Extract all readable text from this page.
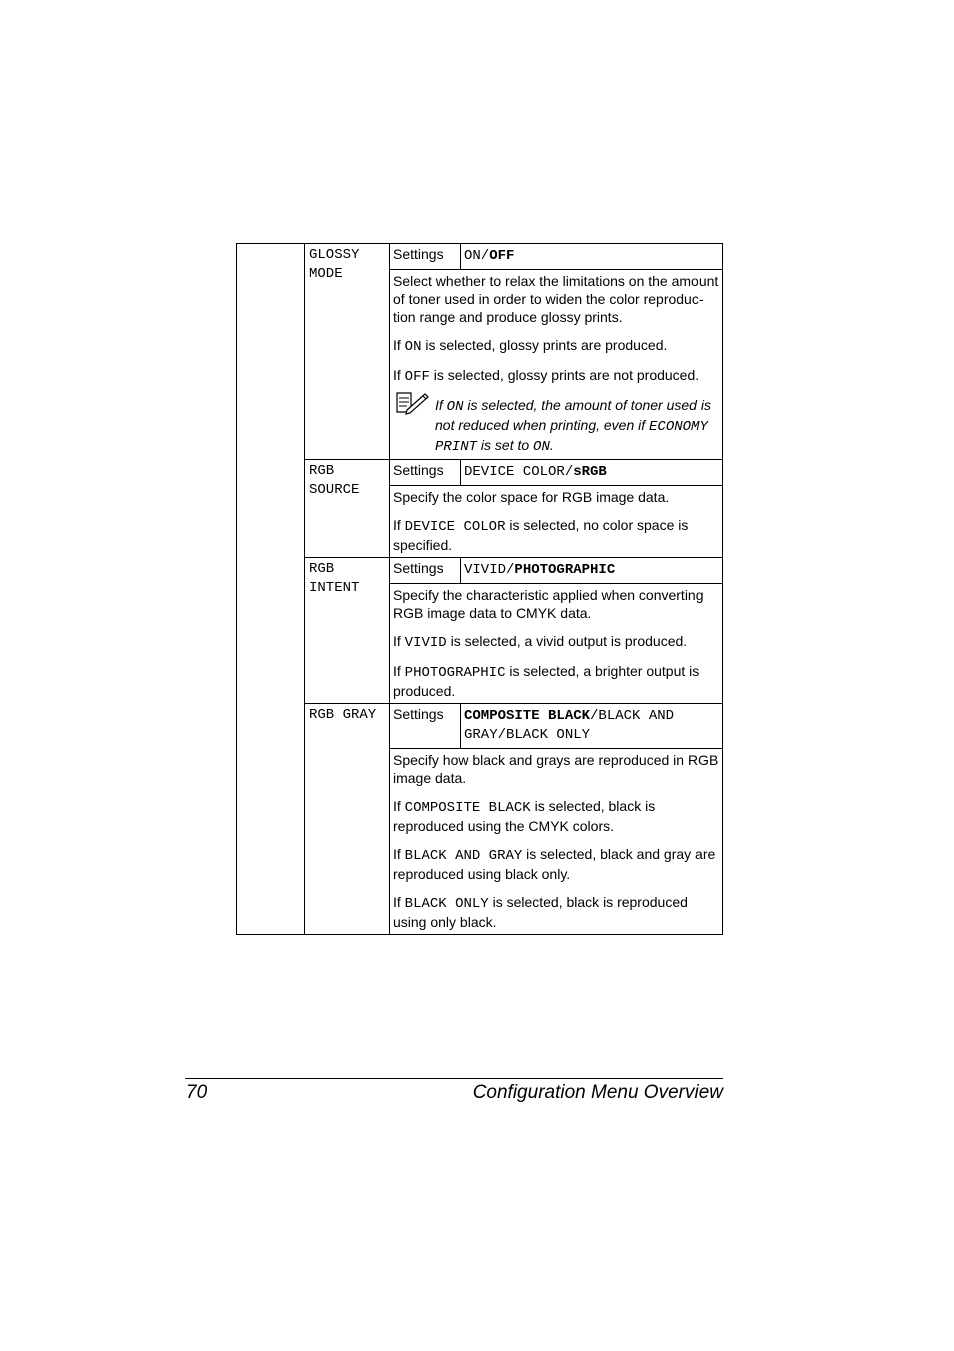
	GLOSSY
MODE	Settings	ON/OFF

		Select whether to relax the limitations on the amount of toner used in order to widen the color reproduc-tion range and produce glossy prints.

If ON is selected, glossy prints are produced.

If OFF is selected, glossy prints are not produced.

If ON is selected, the amount of toner used is not reduced when printing, even if ECONOMY PRINT is set to ON.	

	RGB
SOURCE	Settings	DEVICE COLOR/sRGB

		Specify the color space for RGB image data.

If DEVICE COLOR is selected, no color space is specified.	

	RGB
INTENT	Settings	VIVID/PHOTOGRAPHIC

		Specify the characteristic applied when converting RGB image data to CMYK data.

If VIVID is selected, a vivid output is produced.

If PHOTOGRAPHIC is selected, a brighter output is produced.	

	RGB GRAY	Settings	COMPOSITE BLACK/BLACK AND GRAY/BLACK ONLY

		Specify how black and grays are reproduced in RGB image data.

If COMPOSITE BLACK is selected, black is reproduced using the CMYK colors.

If BLACK AND GRAY is selected, black and gray are reproduced using black only.

If BLACK ONLY is selected, black is reproduced using only black.	

70	Configuration Menu Overview
